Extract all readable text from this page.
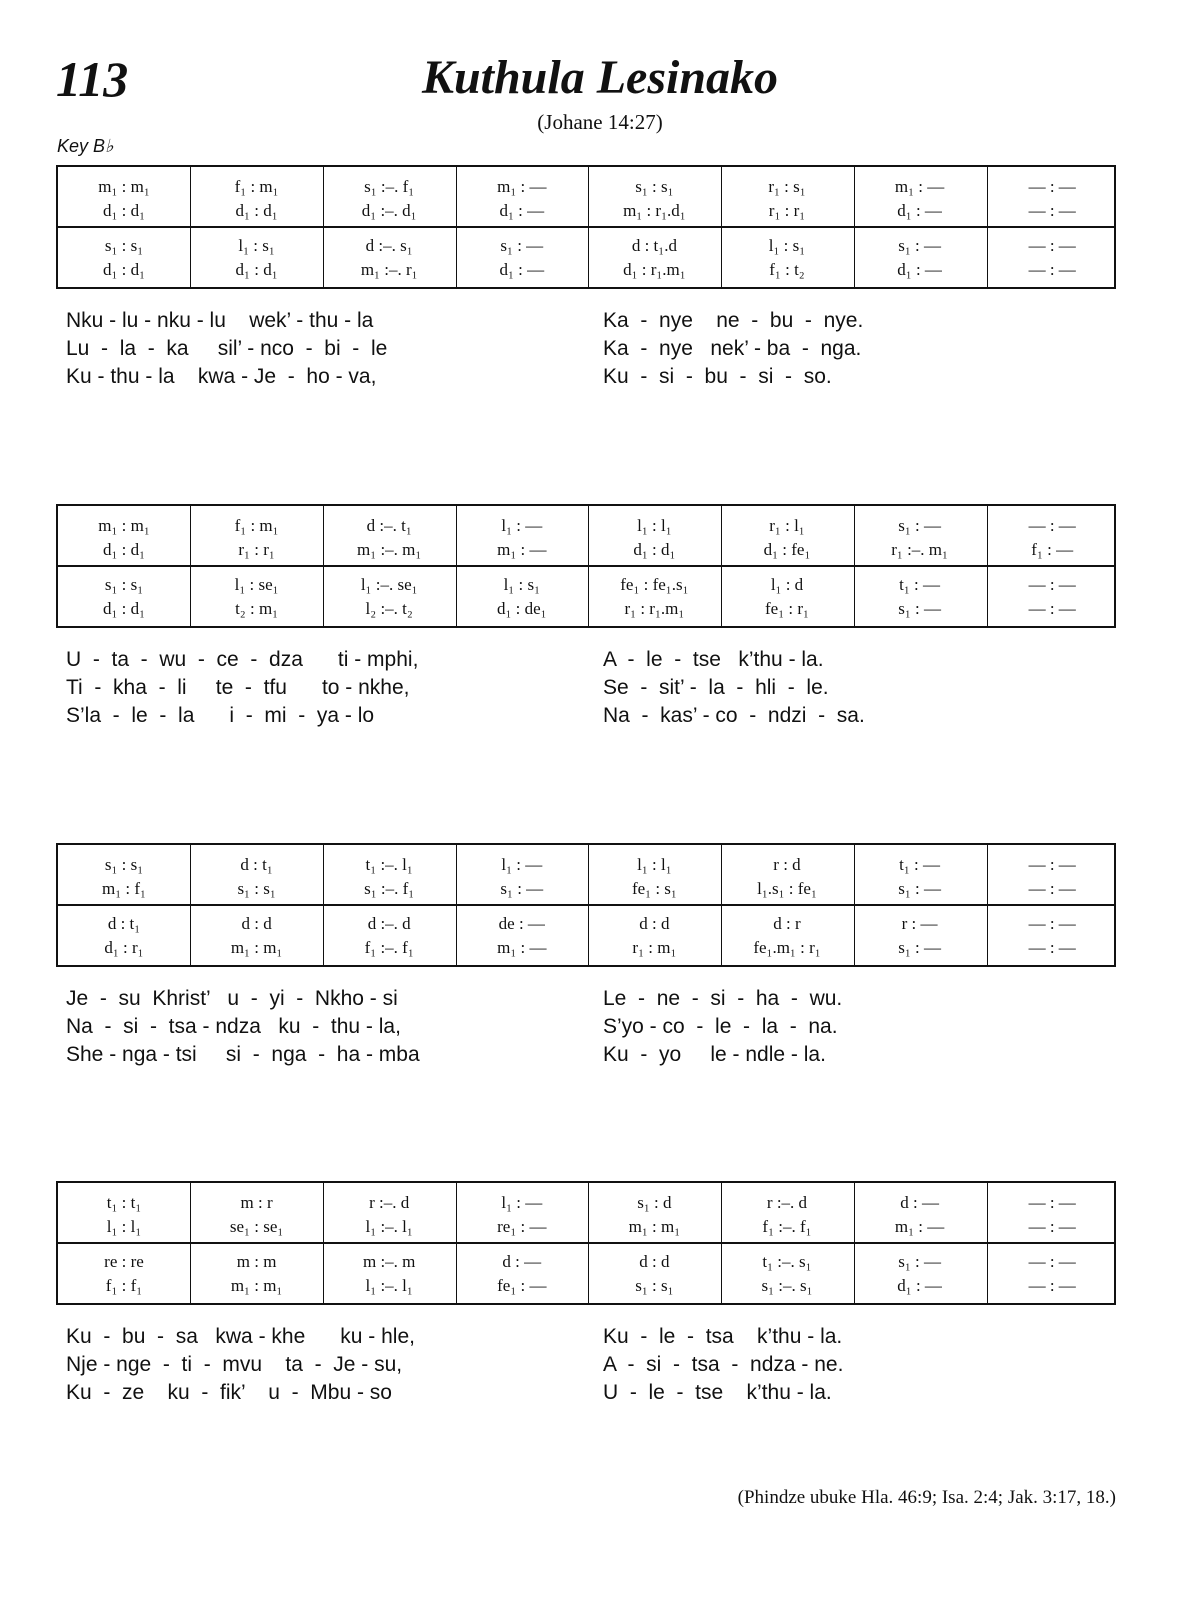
113	Kuthula Lesinako
(Johane 14:27)
Key B♭
m₁ : m₁	f₁ : m₁	s₁ :–. f₁	m₁ : —	s₁ : s₁	r₁ : s₁	m₁ : —	— : —
d₁ : d₁	d₁ : d₁	d₁ :–. d₁	d₁ : —	m₁ : r₁.d₁	r₁ : r₁	d₁ : —	— : —
s₁ : s₁	l₁ : s₁	d :–. s₁	s₁ : —	d : t₁.d	l₁ : s₁	s₁ : —	— : —
d₁ : d₁	d₁ : d₁	m₁ :–. r₁	d₁ : —	d₁ : r₁.m₁	f₁ : t₂	d₁ : —	— : —
Nku - lu - nku - lu    wek’ - thu - la	Ka  -  nye    ne  -  bu  -  nye.
Lu  -  la  -  ka     sil’ - nco  -  bi  -  le	Ka  -  nye   nek’ - ba  -  nga.
Ku - thu - la    kwa - Je  -  ho - va,	Ku  -  si  -  bu  -  si  -  so.
m₁ : m₁	f₁ : m₁	d :–. t₁	l₁ : —	l₁ : l₁	r₁ : l₁	s₁ : —	— : —
d₁ : d₁	r₁ : r₁	m₁ :–. m₁	m₁ : —	d₁ : d₁	d₁ : fe₁	r₁ :–. m₁	f₁ : —
s₁ : s₁	l₁ : se₁	l₁ :–. se₁	l₁ : s₁	fe₁ : fe₁.s₁	l₁ : d	t₁ : —	— : —
d₁ : d₁	t₂ : m₁	l₂ :–. t₂	d₁ : de₁	r₁ : r₁.m₁	fe₁ : r₁	s₁ : —	— : —
U  -  ta  -  wu  -  ce  -  dza      ti - mphi,	A  -  le  -  tse   k’thu - la.
Ti  -  kha  -  li     te  -  tfu      to - nkhe,	Se  -  sit’ -  la  -  hli  -  le.
S’la  -  le  -  la      i  -  mi  -  ya - lo	Na  -  kas’ - co  -  ndzi  -  sa.
s₁ : s₁	d : t₁	t₁ :–. l₁	l₁ : —	l₁ : l₁	r : d	t₁ : —	— : —
m₁ : f₁	s₁ : s₁	s₁ :–. f₁	s₁ : —	fe₁ : s₁	l₁.s₁ : fe₁	s₁ : —	— : —
d : t₁	d : d	d :–. d	de : —	d : d	d : r	r : —	— : —
d₁ : r₁	m₁ : m₁	f₁ :–. f₁	m₁ : —	r₁ : m₁	fe₁.m₁ : r₁	s₁ : —	— : —
Je  -  su  Khrist’   u  -  yi  -  Nkho - si	Le  -  ne  -  si  -  ha  -  wu.
Na  -  si  -  tsa - ndza   ku  -  thu - la,	S’yo - co  -  le  -  la  -  na.
She - nga - tsi     si  -  nga  -  ha - mba	Ku  -  yo     le - ndle - la.
t₁ : t₁	m : r	r :–. d	l₁ : —	s₁ : d	r :–. d	d : —	— : —
l₁ : l₁	se₁ : se₁	l₁ :–. l₁	re₁ : —	m₁ : m₁	f₁ :–. f₁	m₁ : —	— : —
re : re	m : m	m :–. m	d : —	d : d	t₁ :–. s₁	s₁ : —	— : —
f₁ : f₁	m₁ : m₁	l₁ :–. l₁	fe₁ : —	s₁ : s₁	s₁ :–. s₁	d₁ : —	— : —
Ku  -  bu  -  sa   kwa - khe      ku - hle,	Ku  -  le  -  tsa    k’thu - la.
Nje - nge  -  ti  -  mvu    ta  -  Je - su,	A  -  si  -  tsa  -  ndza - ne.
Ku  -  ze    ku  -  fik’    u  -  Mbu - so	U  -  le  -  tse    k’thu - la.
(Phindze ubuke Hla. 46:9; Isa. 2:4; Jak. 3:17, 18.)
